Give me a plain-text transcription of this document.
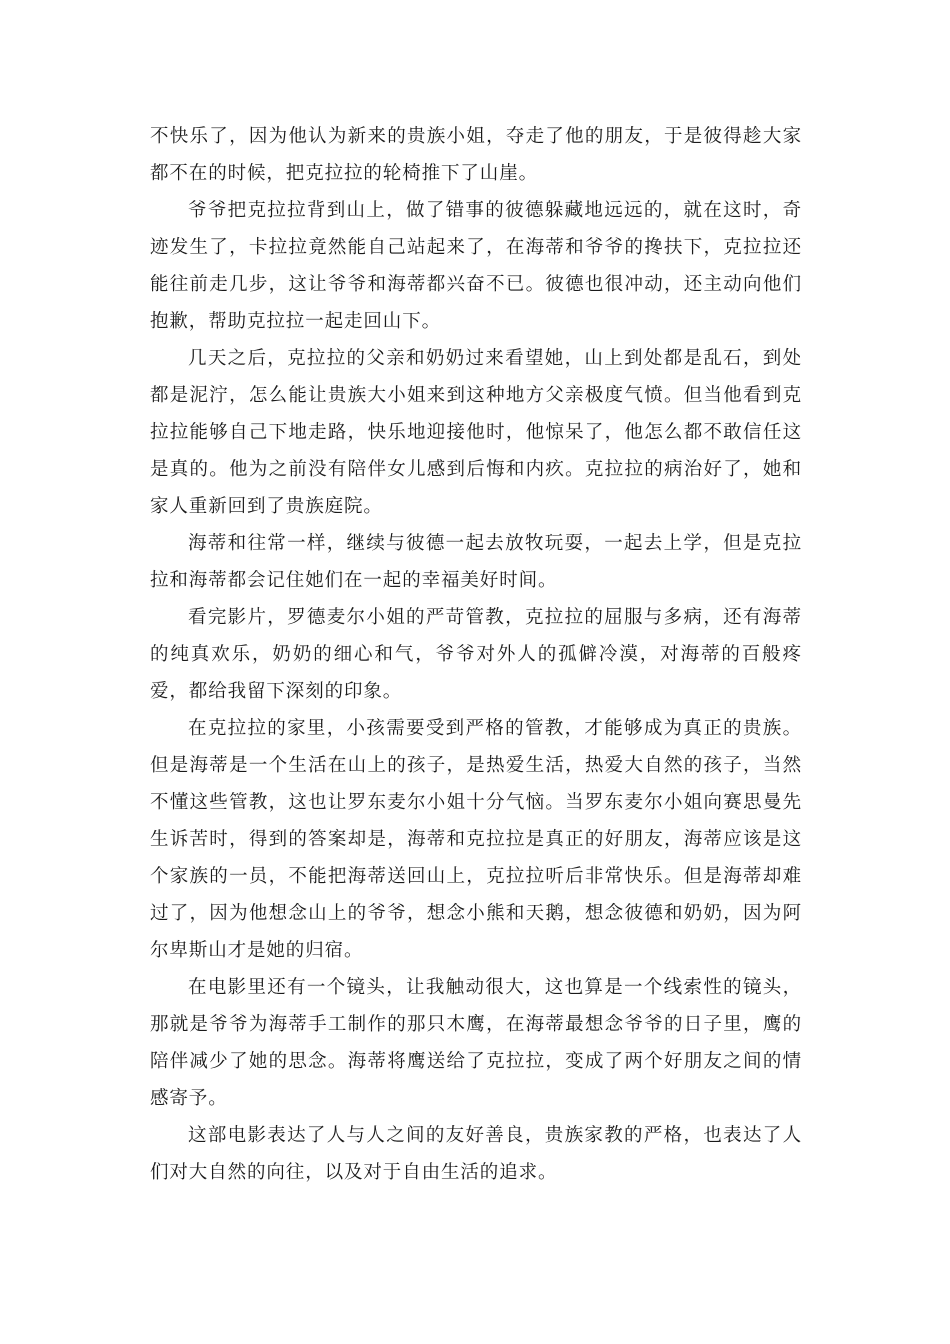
不快乐了，因为他认为新来的贵族小姐，夺走了他的朋友，于是彼得趁大家都不在的时候，把克拉拉的轮椅推下了山崖。

爷爷把克拉拉背到山上，做了错事的彼德躲藏地远远的，就在这时，奇迹发生了，卡拉拉竟然能自己站起来了，在海蒂和爷爷的搀扶下，克拉拉还能往前走几步，这让爷爷和海蒂都兴奋不已。彼德也很冲动，还主动向他们抱歉，帮助克拉拉一起走回山下。

几天之后，克拉拉的父亲和奶奶过来看望她，山上到处都是乱石，到处都是泥泞，怎么能让贵族大小姐来到这种地方父亲极度气愤。但当他看到克拉拉能够自己下地走路，快乐地迎接他时，他惊呆了，他怎么都不敢信任这是真的。他为之前没有陪伴女儿感到后悔和内疚。克拉拉的病治好了，她和家人重新回到了贵族庭院。

海蒂和往常一样，继续与彼德一起去放牧玩耍，一起去上学，但是克拉拉和海蒂都会记住她们在一起的幸福美好时间。

看完影片，罗德麦尔小姐的严苛管教，克拉拉的屈服与多病，还有海蒂的纯真欢乐，奶奶的细心和气，爷爷对外人的孤僻冷漠，对海蒂的百般疼爱，都给我留下深刻的印象。

在克拉拉的家里，小孩需要受到严格的管教，才能够成为真正的贵族。但是海蒂是一个生活在山上的孩子，是热爱生活，热爱大自然的孩子，当然不懂这些管教，这也让罗东麦尔小姐十分气恼。当罗东麦尔小姐向赛思曼先生诉苦时，得到的答案却是，海蒂和克拉拉是真正的好朋友，海蒂应该是这个家族的一员，不能把海蒂送回山上，克拉拉听后非常快乐。但是海蒂却难过了，因为他想念山上的爷爷，想念小熊和天鹅，想念彼德和奶奶，因为阿尔卑斯山才是她的归宿。

在电影里还有一个镜头，让我触动很大，这也算是一个线索性的镜头，那就是爷爷为海蒂手工制作的那只木鹰，在海蒂最想念爷爷的日子里，鹰的陪伴减少了她的思念。海蒂将鹰送给了克拉拉，变成了两个好朋友之间的情感寄予。

这部电影表达了人与人之间的友好善良，贵族家教的严格，也表达了人们对大自然的向往，以及对于自由生活的追求。
